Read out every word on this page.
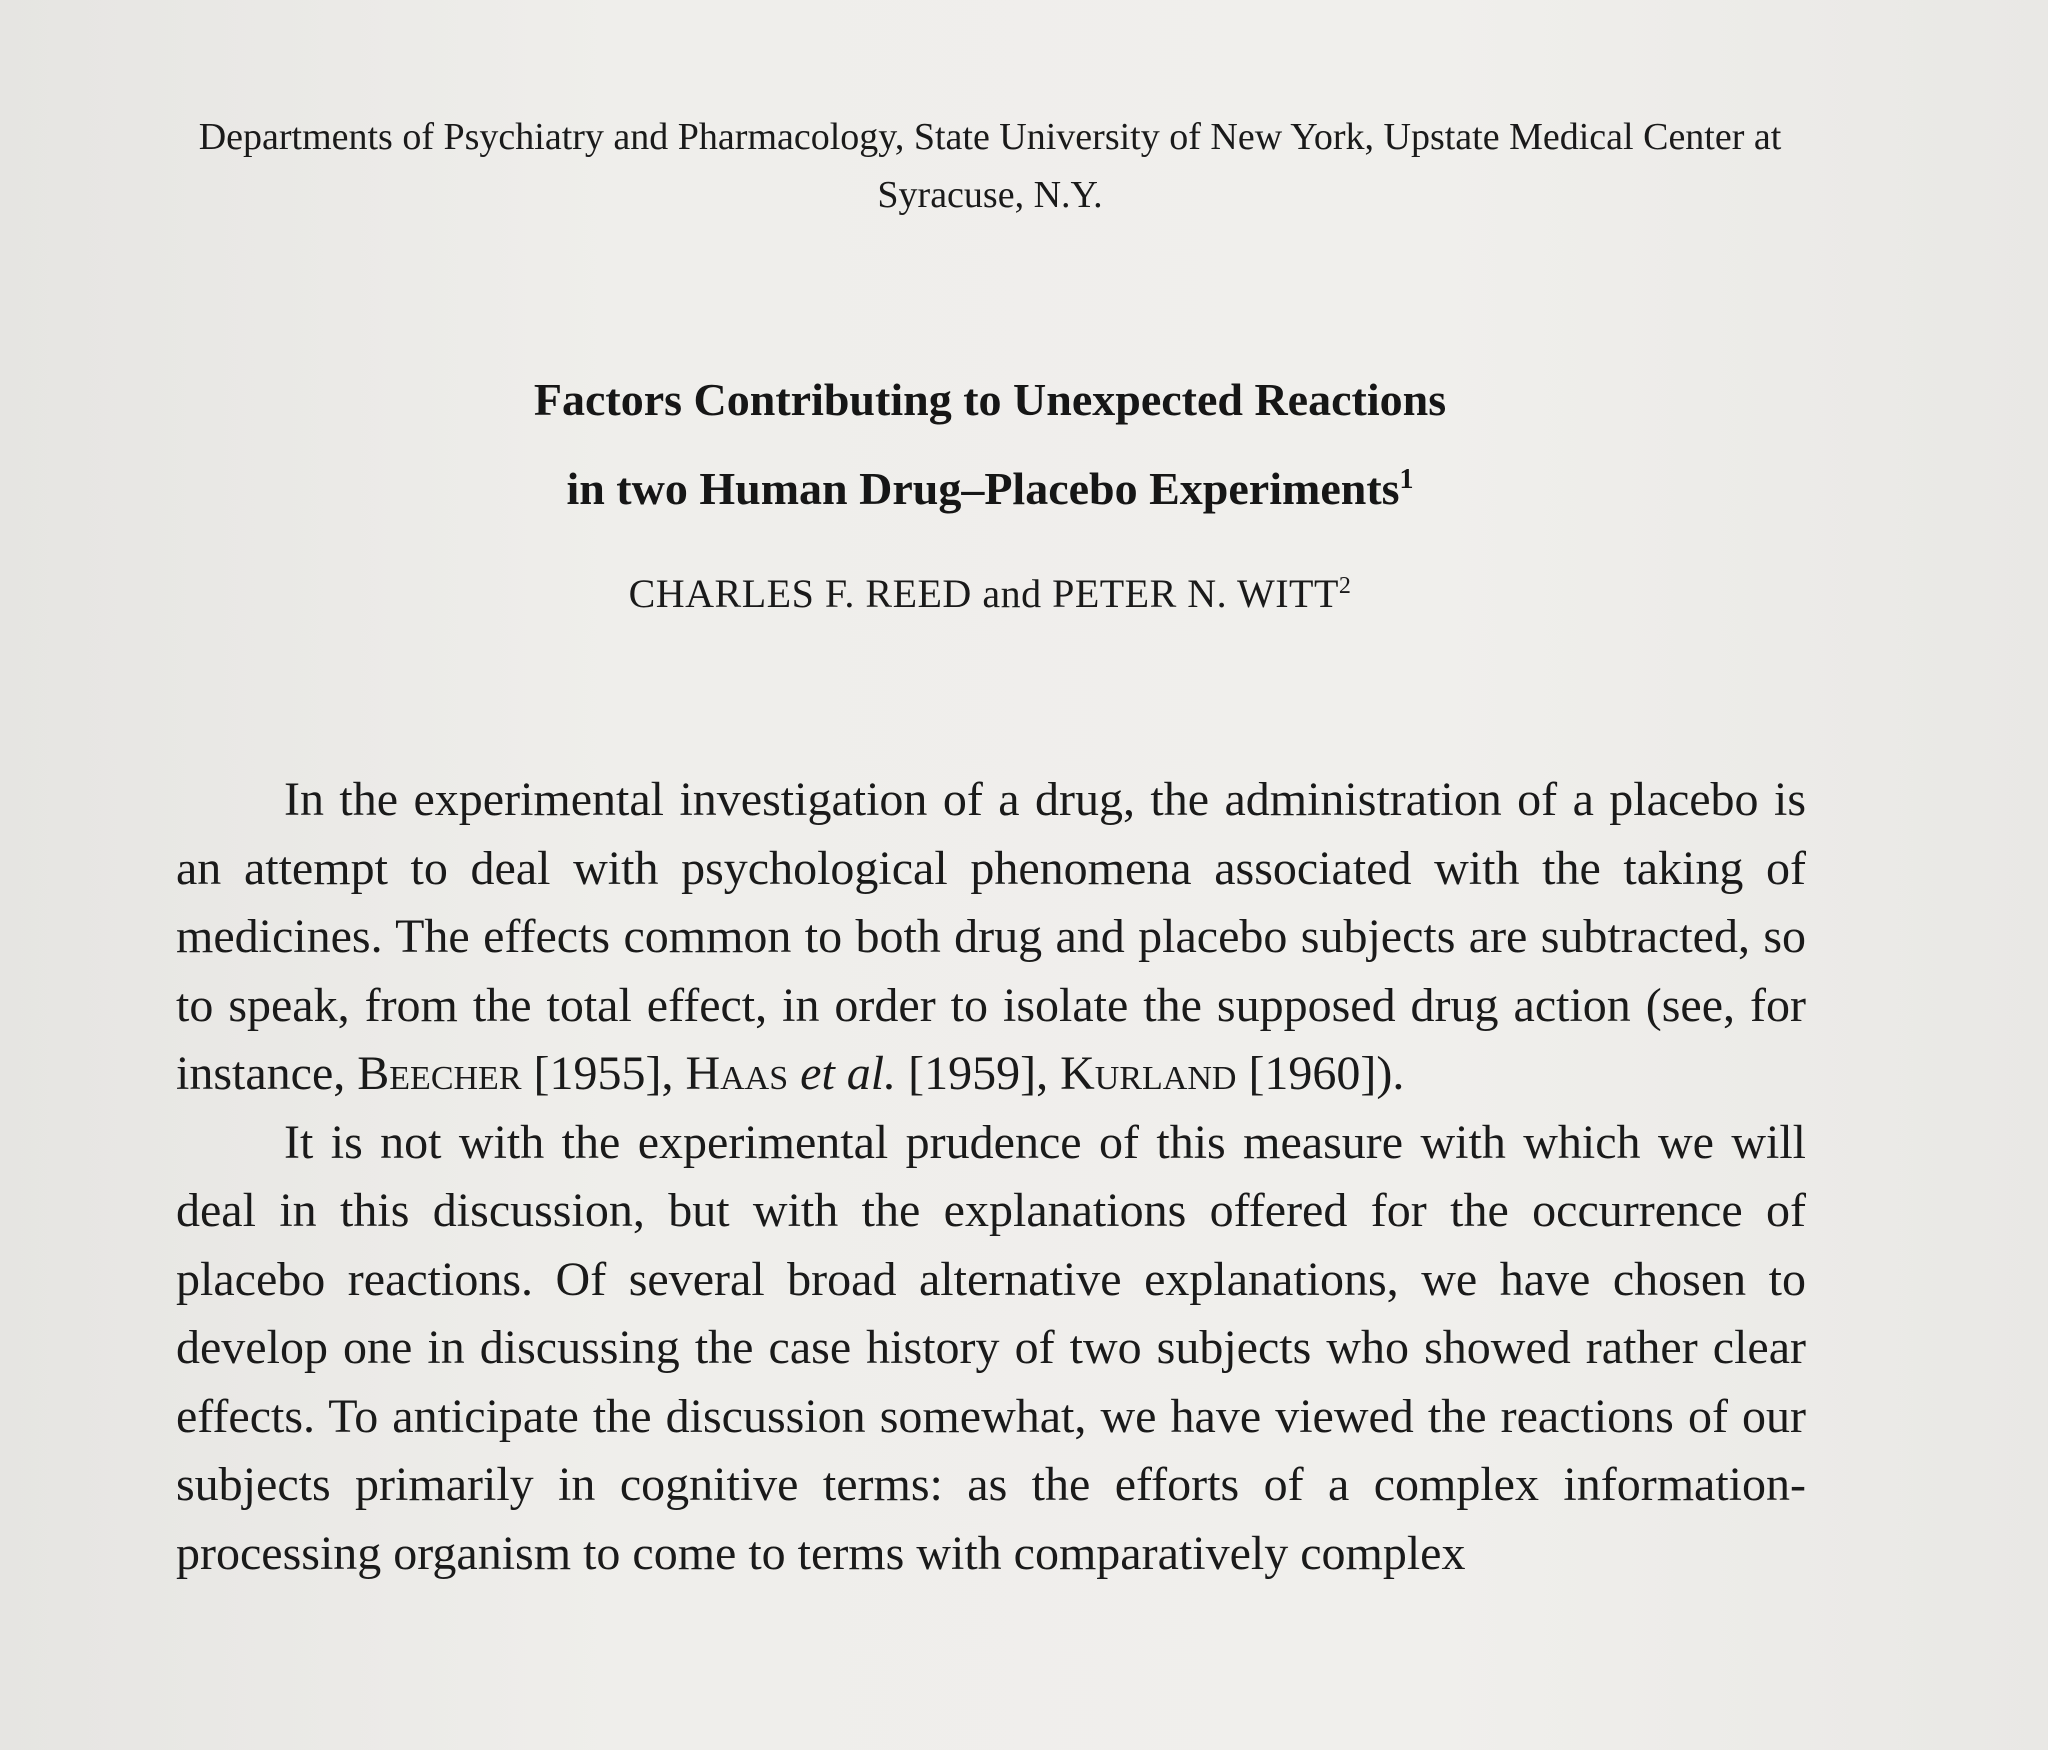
Departments of Psychiatry and Pharmacology, State University of New York, Upstate Medical Center at Syracuse, N.Y.
Factors Contributing to Unexpected Reactions
in two Human Drug–Placebo Experiments$^1$
CHARLES F. REED and PETER N. WITT$^2$

In the experimental investigation of a drug, the administration of a placebo is an attempt to deal with psychological phenomena associated with the taking of medicines. The effects common to both drug and placebo subjects are subtracted, so to speak, from the total effect, in order to isolate the supposed drug action (see, for instance, Beecher [1955], Haas et al. [1959], Kurland [1960]).

It is not with the experimental prudence of this measure with which we will deal in this discussion, but with the explanations offered for the occurrence of placebo reactions. Of several broad alternative explanations, we have chosen to develop one in discussing the case history of two subjects who showed rather clear effects. To anticipate the discussion somewhat, we have viewed the reactions of our subjects primarily in cognitive terms: as the efforts of a complex information-processing organism to come to terms with comparatively complex
